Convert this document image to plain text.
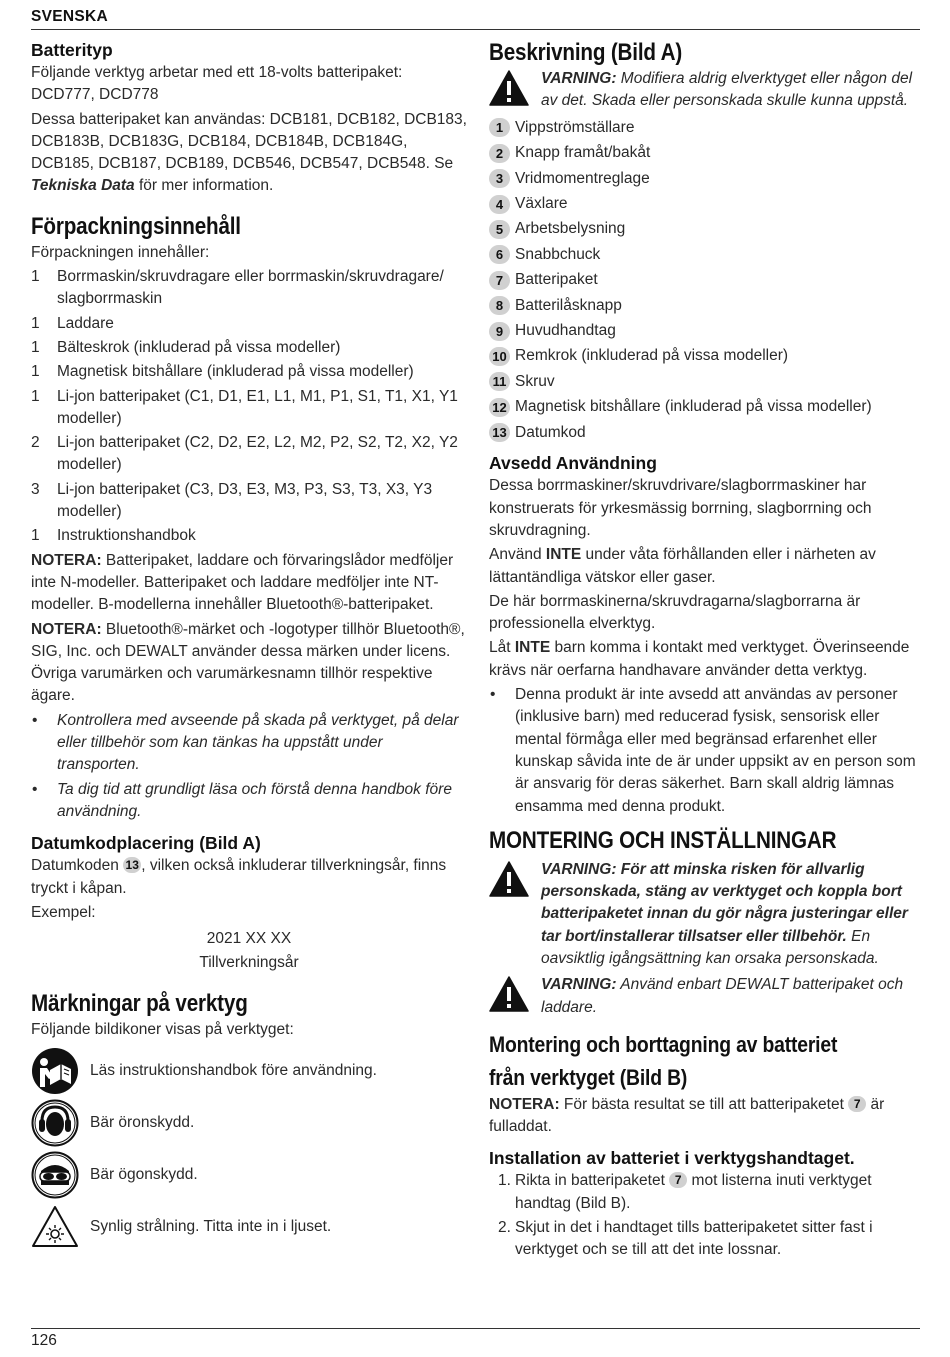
SVENSKA
Batterityp
Följande verktyg arbetar med ett 18-volts batteripaket: DCD777, DCD778
Dessa batteripaket kan användas: DCB181, DCB182, DCB183, DCB183B, DCB183G, DCB184, DCB184B, DCB184G, DCB185, DCB187, DCB189, DCB546, DCB547, DCB548. Se Tekniska Data för mer information.
Förpackningsinnehåll
Förpackningen innehåller:
1	Borrmaskin/skruvdragare eller borrmaskin/skruvdragare/ slagborrmaskin
1	Laddare
1	Bälteskrok (inkluderad på vissa modeller)
1	Magnetisk bitshållare (inkluderad på vissa modeller)
1	Li-jon batteripaket (C1, D1, E1, L1, M1, P1, S1, T1, X1, Y1 modeller)
2	Li-jon batteripaket (C2, D2, E2, L2, M2, P2, S2, T2, X2, Y2 modeller)
3	Li-jon batteripaket (C3, D3, E3, M3, P3, S3, T3, X3, Y3 modeller)
1	Instruktionshandbok
NOTERA: Batteripaket, laddare och förvaringslådor medföljer inte N-modeller. Batteripaket och laddare medföljer inte NT-modeller. B-modellerna innehåller Bluetooth®-batteripaket.
NOTERA: Bluetooth®-märket och -logotyper tillhör Bluetooth®, SIG, Inc. och DEWALT använder dessa märken under licens. Övriga varumärken och varumärkesnamn tillhör respektive ägare.
•	Kontrollera med avseende på skada på verktyget, på delar eller tillbehör som kan tänkas ha uppstått under transporten.
•	Ta dig tid att grundligt läsa och förstå denna handbok före användning.
Datumkodplacering (Bild A)
Datumkoden 13 , vilken också inkluderar tillverkningsår, finns tryckt i kåpan.
Exempel:
2021 XX XX
Tillverkningsår
Märkningar på verktyg
Följande bildikoner visas på verktyget:
Läs instruktionshandbok före användning.
Bär öronskydd.
Bär ögonskydd.
Synlig strålning. Titta inte in i ljuset.
Beskrivning (Bild A)
VARNING: Modifiera aldrig elverktyget eller någon del av det. Skada eller personskada skulle kunna uppstå.
1 Vippströmställare
2 Knapp framåt/bakåt
3 Vridmomentreglage
4 Växlare
5 Arbetsbelysning
6 Snabbchuck
7 Batteripaket
8 Batterilåsknapp
9 Huvudhandtag
10 Remkrok (inkluderad på vissa modeller)
11 Skruv
12 Magnetisk bitshållare (inkluderad på vissa modeller)
13 Datumkod
Avsedd Användning
Dessa borrmaskiner/skruvdrivare/slagborrmaskiner har konstruerats för yrkesmässig borrning, slagborrning och skruvdragning.
Använd INTE under våta förhållanden eller i närheten av lättantändliga vätskor eller gaser.
De här borrmaskinerna/skruvdragarna/slagborrarna är professionella elverktyg.
Låt INTE barn komma i kontakt med verktyget. Överinseende krävs när oerfarna handhavare använder detta verktyg.
•	Denna produkt är inte avsedd att användas av personer (inklusive barn) med reducerad fysisk, sensorisk eller mental förmåga eller med begränsad erfarenhet eller kunskap såvida inte de är under uppsikt av en person som är ansvarig för deras säkerhet. Barn skall aldrig lämnas ensamma med denna produkt.
MONTERING OCH INSTÄLLNINGAR
VARNING: För att minska risken för allvarlig personskada, stäng av verktyget och koppla bort batteripaketet innan du gör några justeringar eller tar bort/installerar tillsatser eller tillbehör. En oavsiktlig igångsättning kan orsaka personskada.
VARNING: Använd enbart DEWALT batteripaket och laddare.
Montering och borttagning av batteriet
från verktyget (Bild B)
NOTERA: För bästa resultat se till att batteripaketet 7 är fulladdat.
Installation av batteriet i verktygshandtaget.
1. Rikta in batteripaketet 7 mot listerna inuti verktyget handtag (Bild B).
2. Skjut in det i handtaget tills batteripaketet sitter fast i verktyget och se till att det inte lossnar.
126
